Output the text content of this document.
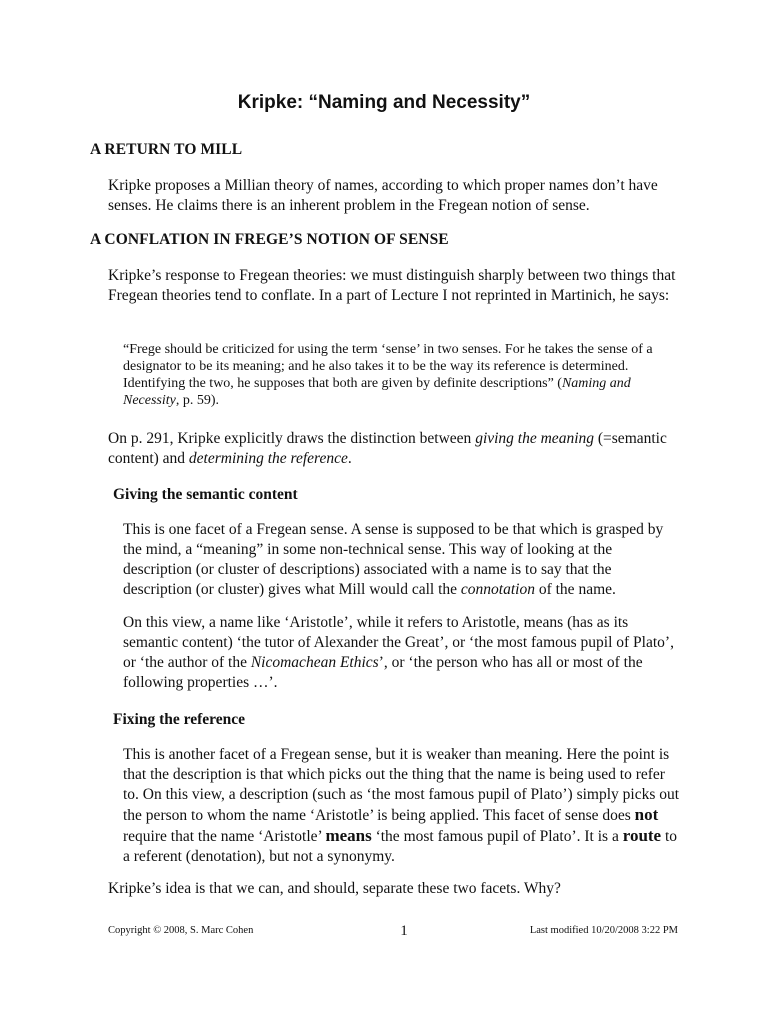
Kripke: “Naming and Necessity”
A RETURN TO MILL

Kripke proposes a Millian theory of names, according to which proper names don’t have senses. He claims there is an inherent problem in the Fregean notion of sense.

A CONFLATION IN FREGE’S NOTION OF SENSE

Kripke’s response to Fregean theories: we must distinguish sharply between two things that Fregean theories tend to conflate. In a part of Lecture I not reprinted in Martinich, he says:

“Frege should be criticized for using the term ‘sense’ in two senses. For he takes the sense of a designator to be its meaning; and he also takes it to be the way its reference is determined. Identifying the two, he supposes that both are given by definite descriptions” (Naming and Necessity, p. 59).

On p. 291, Kripke explicitly draws the distinction between giving the meaning (=semantic content) and determining the reference.

Giving the semantic content

This is one facet of a Fregean sense. A sense is supposed to be that which is grasped by the mind, a “meaning” in some non-technical sense. This way of looking at the description (or cluster of descriptions) associated with a name is to say that the description (or cluster) gives what Mill would call the connotation of the name.

On this view, a name like ‘Aristotle’, while it refers to Aristotle, means (has as its semantic content) ‘the tutor of Alexander the Great’, or ‘the most famous pupil of Plato’, or ‘the author of the Nicomachean Ethics’, or ‘the person who has all or most of the following properties …’.

Fixing the reference

This is another facet of a Fregean sense, but it is weaker than meaning. Here the point is that the description is that which picks out the thing that the name is being used to refer to. On this view, a description (such as ‘the most famous pupil of Plato’) simply picks out the person to whom the name ‘Aristotle’ is being applied. This facet of sense does not require that the name ‘Aristotle’ means ‘the most famous pupil of Plato’. It is a route to a referent (denotation), but not a synonymy.

Kripke’s idea is that we can, and should, separate these two facets. Why?

Copyright © 2008, S. Marc Cohen	1	Last modified 10/20/2008 3:22 PM
